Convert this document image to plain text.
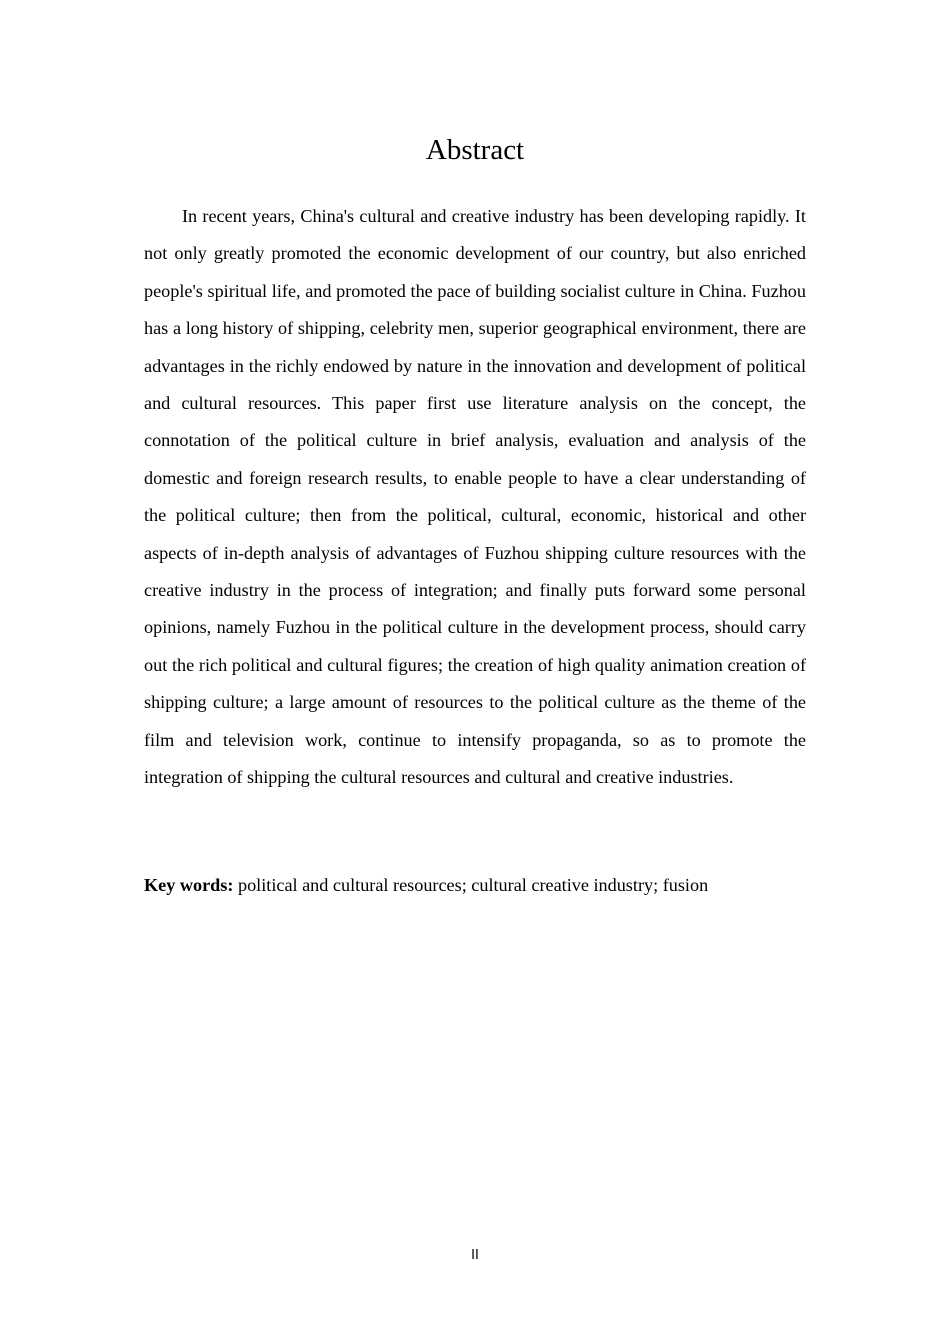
Abstract

In recent years, China's cultural and creative industry has been developing rapidly. It not only greatly promoted the economic development of our country, but also enriched people's spiritual life, and promoted the pace of building socialist culture in China. Fuzhou has a long history of shipping, celebrity men, superior geographical environment, there are advantages in the richly endowed by nature in the innovation and development of political and cultural resources. This paper first use literature analysis on the concept, the connotation of the political culture in brief analysis, evaluation and analysis of the domestic and foreign research results, to enable people to have a clear understanding of the political culture; then from the political, cultural, economic, historical and other aspects of in-depth analysis of advantages of Fuzhou shipping culture resources with the creative industry in the process of integration; and finally puts forward some personal opinions, namely Fuzhou in the political culture in the development process, should carry out the rich political and cultural figures; the creation of high quality animation creation of shipping culture; a large amount of resources to the political culture as the theme of the film and television work, continue to intensify propaganda, so as to promote the integration of shipping the cultural resources and cultural and creative industries.

Key words: political and cultural resources; cultural creative industry; fusion

II
